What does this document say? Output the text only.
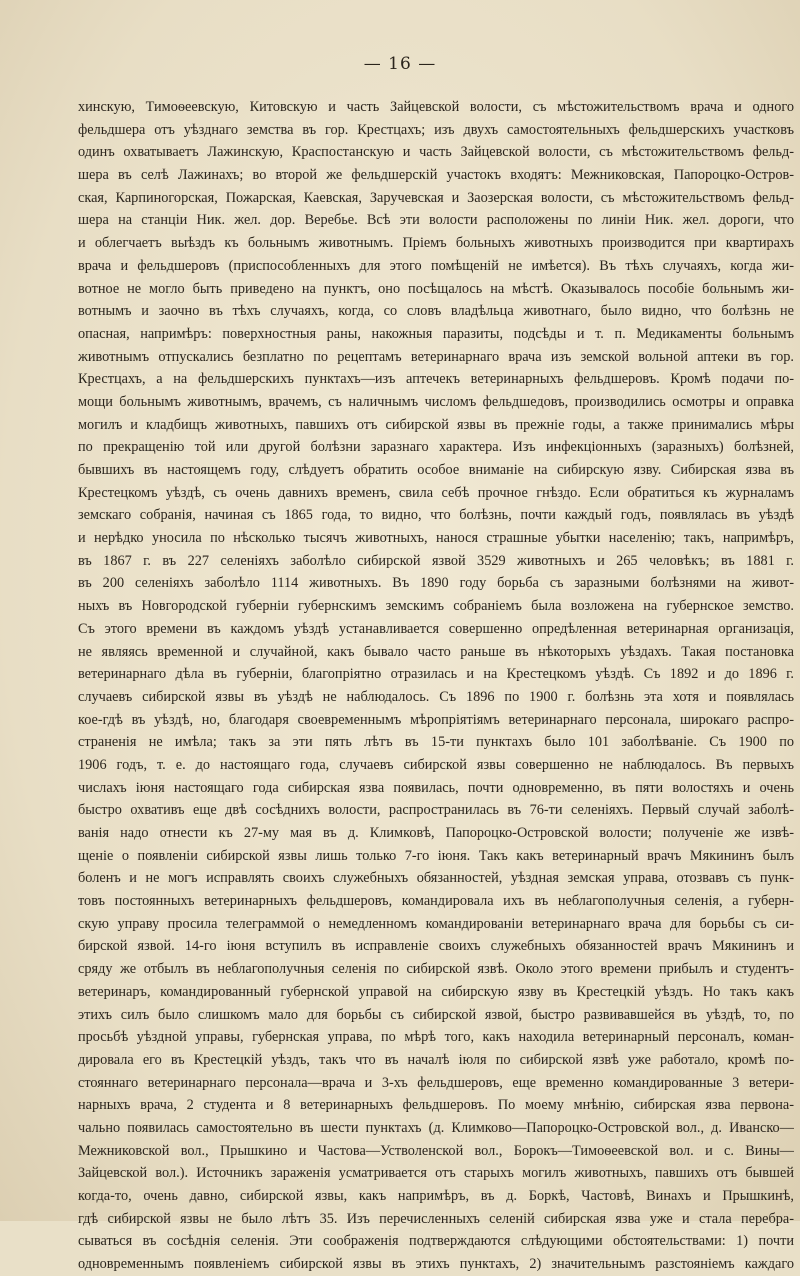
— 16 —
хинскую, Тимоѳеевскую, Китовскую и часть Зайцевской волости, съ мѣстожительствомъ врача и одного
фельдшера отъ уѣзднаго земства въ гор. Крестцахъ; изъ двухъ самостоятельныхъ фельдшерскихъ участковъ
одинъ охватываетъ Лажинскую, Краспостанскую и часть Зайцевской волости, съ мѣстожительствомъ фельд-
шера въ селѣ Лажинахъ; во второй же фельдшерскій участокъ входятъ: Межниковская, Папороцко-Остров-
ская, Карпиногорская, Пожарская, Каевская, Заручевская и Заозерская волости, съ мѣстожительствомъ фельд-
шера на станціи Ник. жел. дор. Веребье. Всѣ эти волости расположены по линіи Ник. жел. дороги, что
и облегчаетъ выѣздъ къ больнымъ животнымъ. Пріемъ больныхъ животныхъ производится при квартирахъ
врача и фельдшеровъ (приспособленныхъ для этого помѣщеній не имѣется). Въ тѣхъ случаяхъ, когда жи-
вотное не могло быть приведено на пунктъ, оно посѣщалось на мѣстѣ. Оказывалось пособіе больнымъ жи-
вотнымъ и заочно въ тѣхъ случаяхъ, когда, со словъ владѣльца животнаго, было видно, что болѣзнь не
опасная, напримѣръ: поверхностныя раны, накожныя паразиты, подсѣды и т. п. Медикаменты больнымъ
животнымъ отпускались безплатно по рецептамъ ветеринарнаго врача изъ земской вольной аптеки въ гор.
Крестцахъ, а на фельдшерскихъ пунктахъ—изъ аптечекъ ветеринарныхъ фельдшеровъ. Кромѣ подачи по-
мощи больнымъ животнымъ, врачемъ, съ наличнымъ числомъ фельдшедовъ, производились осмотры и оправка
могилъ и кладбищъ животныхъ, павшихъ отъ сибирской язвы въ прежніе годы, а также принимались мѣры
по прекращенію той или другой болѣзни заразнаго характера. Изъ инфекціонныхъ (заразныхъ) болѣзней,
бывшихъ въ настоящемъ году, слѣдуетъ обратить особое вниманіе на сибирскую язву. Сибирская язва въ
Крестецкомъ уѣздѣ, съ очень давнихъ временъ, свила себѣ прочное гнѣздо. Если обратиться къ журналамъ
земскаго собранія, начиная съ 1865 года, то видно, что болѣзнь, почти каждый годъ, появлялась въ уѣздѣ
и нерѣдко уносила по нѣсколько тысячъ животныхъ, нанося страшные убытки населенію; такъ, напримѣръ,
въ 1867 г. въ 227 селеніяхъ заболѣло сибирской язвой 3529 животныхъ и 265 человѣкъ; въ 1881 г.
въ 200 селеніяхъ заболѣло 1114 животныхъ. Въ 1890 году борьба съ заразными болѣзнями на живот-
ныхъ въ Новгородской губерніи губернскимъ земскимъ собраніемъ была возложена на губернское земство.
Съ этого времени въ каждомъ уѣздѣ устанавливается совершенно опредѣленная ветеринарная организація,
не являясь временной и случайной, какъ бывало часто раньше въ нѣкоторыхъ уѣздахъ. Такая постановка
ветеринарнаго дѣла въ губерніи, благопріятно отразилась и на Крестецкомъ уѣздѣ. Съ 1892 и до 1896 г.
случаевъ сибирской язвы въ уѣздѣ не наблюдалось. Съ 1896 по 1900 г. болѣзнь эта хотя и появлялась
кое-гдѣ въ уѣздѣ, но, благодаря своевременнымъ мѣропріятіямъ ветеринарнаго персонала, широкаго распро-
страненія не имѣла; такъ за эти пять лѣтъ въ 15-ти пунктахъ было 101 заболѣваніе. Съ 1900 по
1906 годъ, т. е. до настоящаго года, случаевъ сибирской язвы совершенно не наблюдалось. Въ первыхъ
числахъ іюня настоящаго года сибирская язва появилась, почти одновременно, въ пяти волостяхъ и очень
быстро охвативъ еще двѣ сосѣднихъ волости, распространилась въ 76-ти селеніяхъ. Первый случай заболѣ-
ванія надо отнести къ 27-му мая въ д. Климковѣ, Папороцко-Островской волости; полученіе же извѣ-
щеніе о появленіи сибирской язвы лишь только 7-го іюня. Такъ какъ ветеринарный врачъ Мякининъ былъ
боленъ и не могъ исправлять своихъ служебныхъ обязанностей, уѣздная земская управа, отозвавъ съ пунк-
товъ постоянныхъ ветеринарныхъ фельдшеровъ, командировала ихъ въ неблагополучныя селенія, а губерн-
скую управу просила телеграммой о немедленномъ командированіи ветеринарнаго врача для борьбы съ си-
бирской язвой. 14-го іюня вступилъ въ исправленіе своихъ служебныхъ обязанностей врачъ Мякининъ и
сряду же отбылъ въ неблагополучныя селенія по сибирской язвѣ. Около этого времени прибылъ и студентъ-
ветеринаръ, командированный губернской управой на сибирскую язву въ Крестецкій уѣздъ. Но такъ какъ
этихъ силъ было слишкомъ мало для борьбы съ сибирской язвой, быстро развивавшейся въ уѣздѣ, то, по
просьбѣ уѣздной управы, губернская управа, по мѣрѣ того, какъ находила ветеринарный персоналъ, коман-
дировала его въ Крестецкій уѣздъ, такъ что въ началѣ іюля по сибирской язвѣ уже работало, кромѣ по-
стояннаго ветеринарнаго персонала—врача и 3-хъ фельдшеровъ, еще временно командированные 3 ветери-
нарныхъ врача, 2 студента и 8 ветеринарныхъ фельдшеровъ. По моему мнѣнію, сибирская язва первона-
чально появилась самостоятельно въ шести пунктахъ (д. Климково—Папороцко-Островской вол., д. Иванско—
Межниковской вол., Прышкино и Частова—Устволенской вол., Борокъ—Тимоѳеевской вол. и с. Вины—
Зайцевской вол.). Источникъ зараженія усматривается отъ старыхъ могилъ животныхъ, павшихъ отъ бывшей
когда-то, очень давно, сибирской язвы, какъ напримѣръ, въ д. Боркѣ, Частовѣ, Винахъ и Прышкинѣ,
гдѣ сибирской язвы не было лѣтъ 35. Изъ перечисленныхъ селеній сибирская язва уже и стала перебра-
сываться въ сосѣднія селенія. Эти соображенія подтверждаются слѣдующими обстоятельствами: 1) почти
одновременнымъ появленіемъ сибирской язвы въ этихъ пунктахъ, 2) значительнымъ разстояніемъ каждаго
